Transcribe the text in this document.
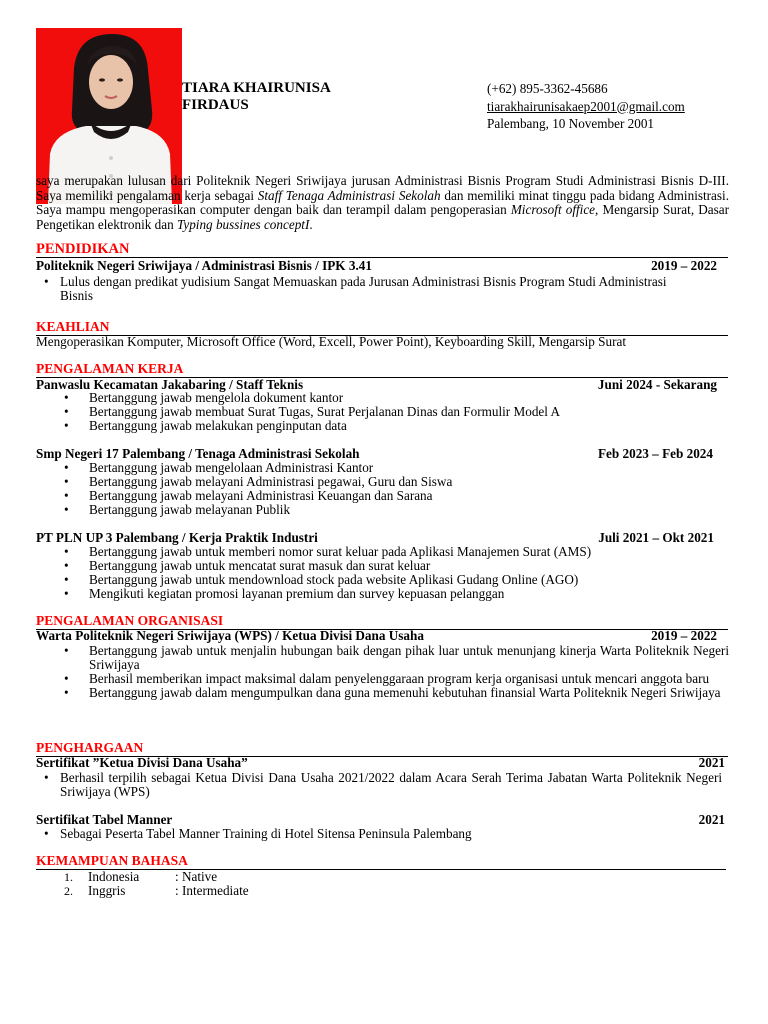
TIARA KHAIRUNISA
FIRDAUS
(+62) 895-3362-45686
tiarakhairunisakaep2001@gmail.com
Palembang, 10 November 2001
saya merupakan lulusan dari Politeknik Negeri Sriwijaya jurusan Administrasi Bisnis Program Studi Administrasi Bisnis D-III. Saya memiliki pengalaman kerja sebagai Staff Tenaga Administrasi Sekolah dan memiliki minat tinggu pada bidang Administrasi. Saya mampu mengoperasikan computer dengan baik dan terampil dalam pengoperasian Microsoft office, Mengarsip Surat, Dasar Pengetikan elektronik dan Typing bussines conceptI.
PENDIDIKAN
Politeknik Negeri Sriwijaya / Administrasi Bisnis / IPK 3.41	2019 – 2022
• Lulus dengan predikat yudisium Sangat Memuaskan pada Jurusan Administrasi Bisnis Program Studi Administrasi Bisnis
KEAHLIAN
Mengoperasikan Komputer, Microsoft Office (Word, Excell, Power Point), Keyboarding Skill, Mengarsip Surat
PENGALAMAN KERJA
Panwaslu Kecamatan Jakabaring / Staff Teknis	Juni 2024 - Sekarang
• Bertanggung jawab mengelola dokument kantor
• Bertanggung jawab membuat Surat Tugas, Surat Perjalanan Dinas dan Formulir Model A
• Bertanggung jawab melakukan penginputan data
Smp Negeri 17 Palembang / Tenaga Administrasi Sekolah	Feb 2023 – Feb 2024
• Bertanggung jawab mengelolaan Administrasi Kantor
• Bertanggung jawab melayani Administrasi pegawai, Guru dan Siswa
• Bertanggung jawab melayani Administrasi Keuangan dan Sarana
• Bertanggung jawab melayanan Publik
PT PLN UP 3 Palembang / Kerja Praktik Industri	Juli 2021 – Okt 2021
• Bertanggung jawab untuk memberi nomor surat keluar pada Aplikasi Manajemen Surat (AMS)
• Bertanggung jawab untuk mencatat surat masuk dan surat keluar
• Bertanggung jawab untuk mendownload stock pada website Aplikasi Gudang Online (AGO)
• Mengikuti kegiatan promosi layanan premium dan survey kepuasan pelanggan
PENGALAMAN ORGANISASI
Warta Politeknik Negeri Sriwijaya (WPS) / Ketua Divisi Dana Usaha	2019 – 2022
• Bertanggung jawab untuk menjalin hubungan baik dengan pihak luar untuk menunjang kinerja Warta Politeknik Negeri Sriwijaya
• Berhasil memberikan impact maksimal dalam penyelenggaraan program kerja organisasi untuk mencari anggota baru
• Bertanggung jawab dalam mengumpulkan dana guna memenuhi kebutuhan finansial Warta Politeknik Negeri Sriwijaya
PENGHARGAAN
Sertifikat ”Ketua Divisi Dana Usaha”	2021
• Berhasil terpilih sebagai Ketua Divisi Dana Usaha 2021/2022 dalam Acara Serah Terima Jabatan Warta Politeknik Negeri Sriwijaya (WPS)
Sertifikat Tabel Manner	2021
• Sebagai Peserta Tabel Manner Training di Hotel Sitensa Peninsula Palembang
KEMAMPUAN BAHASA
1. Indonesia	: Native
2. Inggris	: Intermediate
